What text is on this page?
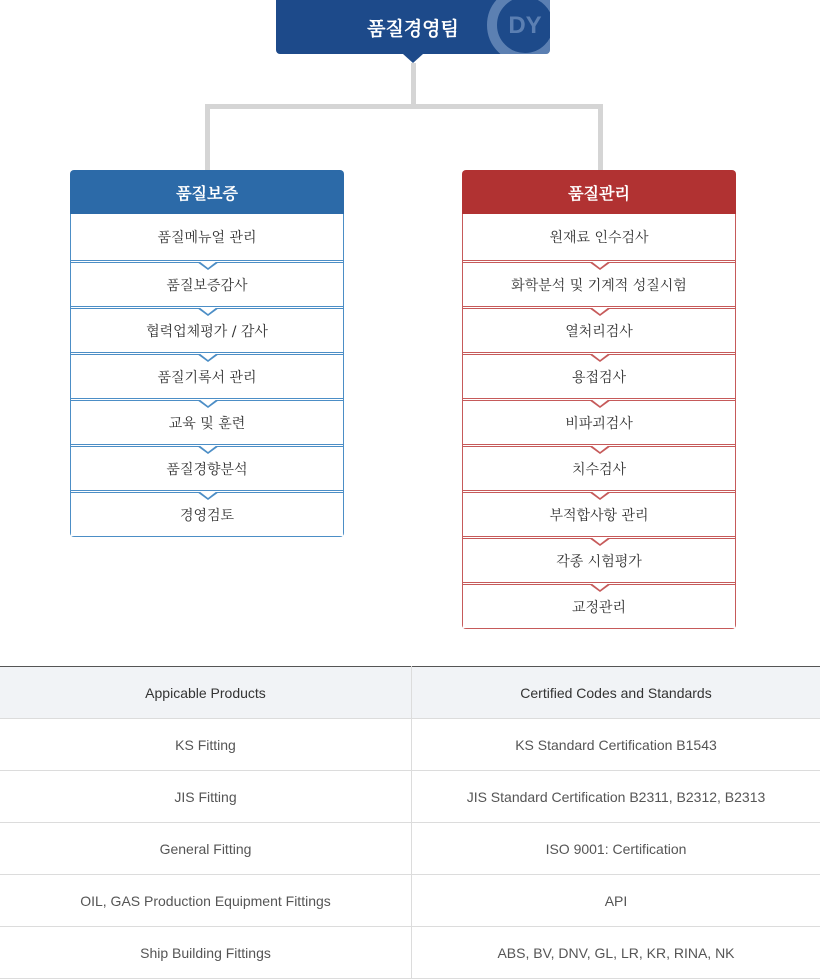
품질경영팀 DY
품질보증
품질메뉴얼 관리
품질보증감사
협력업체평가 / 감사
품질기록서 관리
교육 및 훈련
품질경향분석
경영검토
품질관리
원재료 인수검사
화학분석 및 기계적 성질시험
열처리검사
용접검사
비파괴검사
치수검사
부적합사항 관리
각종 시험평가
교정관리
Appicable Products	Certified Codes and Standards
KS Fitting	KS Standard Certification B1543
JIS Fitting	JIS Standard Certification B2311, B2312, B2313
General Fitting	ISO 9001: Certification
OIL, GAS Production Equipment Fittings	API
Ship Building Fittings	ABS, BV, DNV, GL, LR, KR, RINA, NK
